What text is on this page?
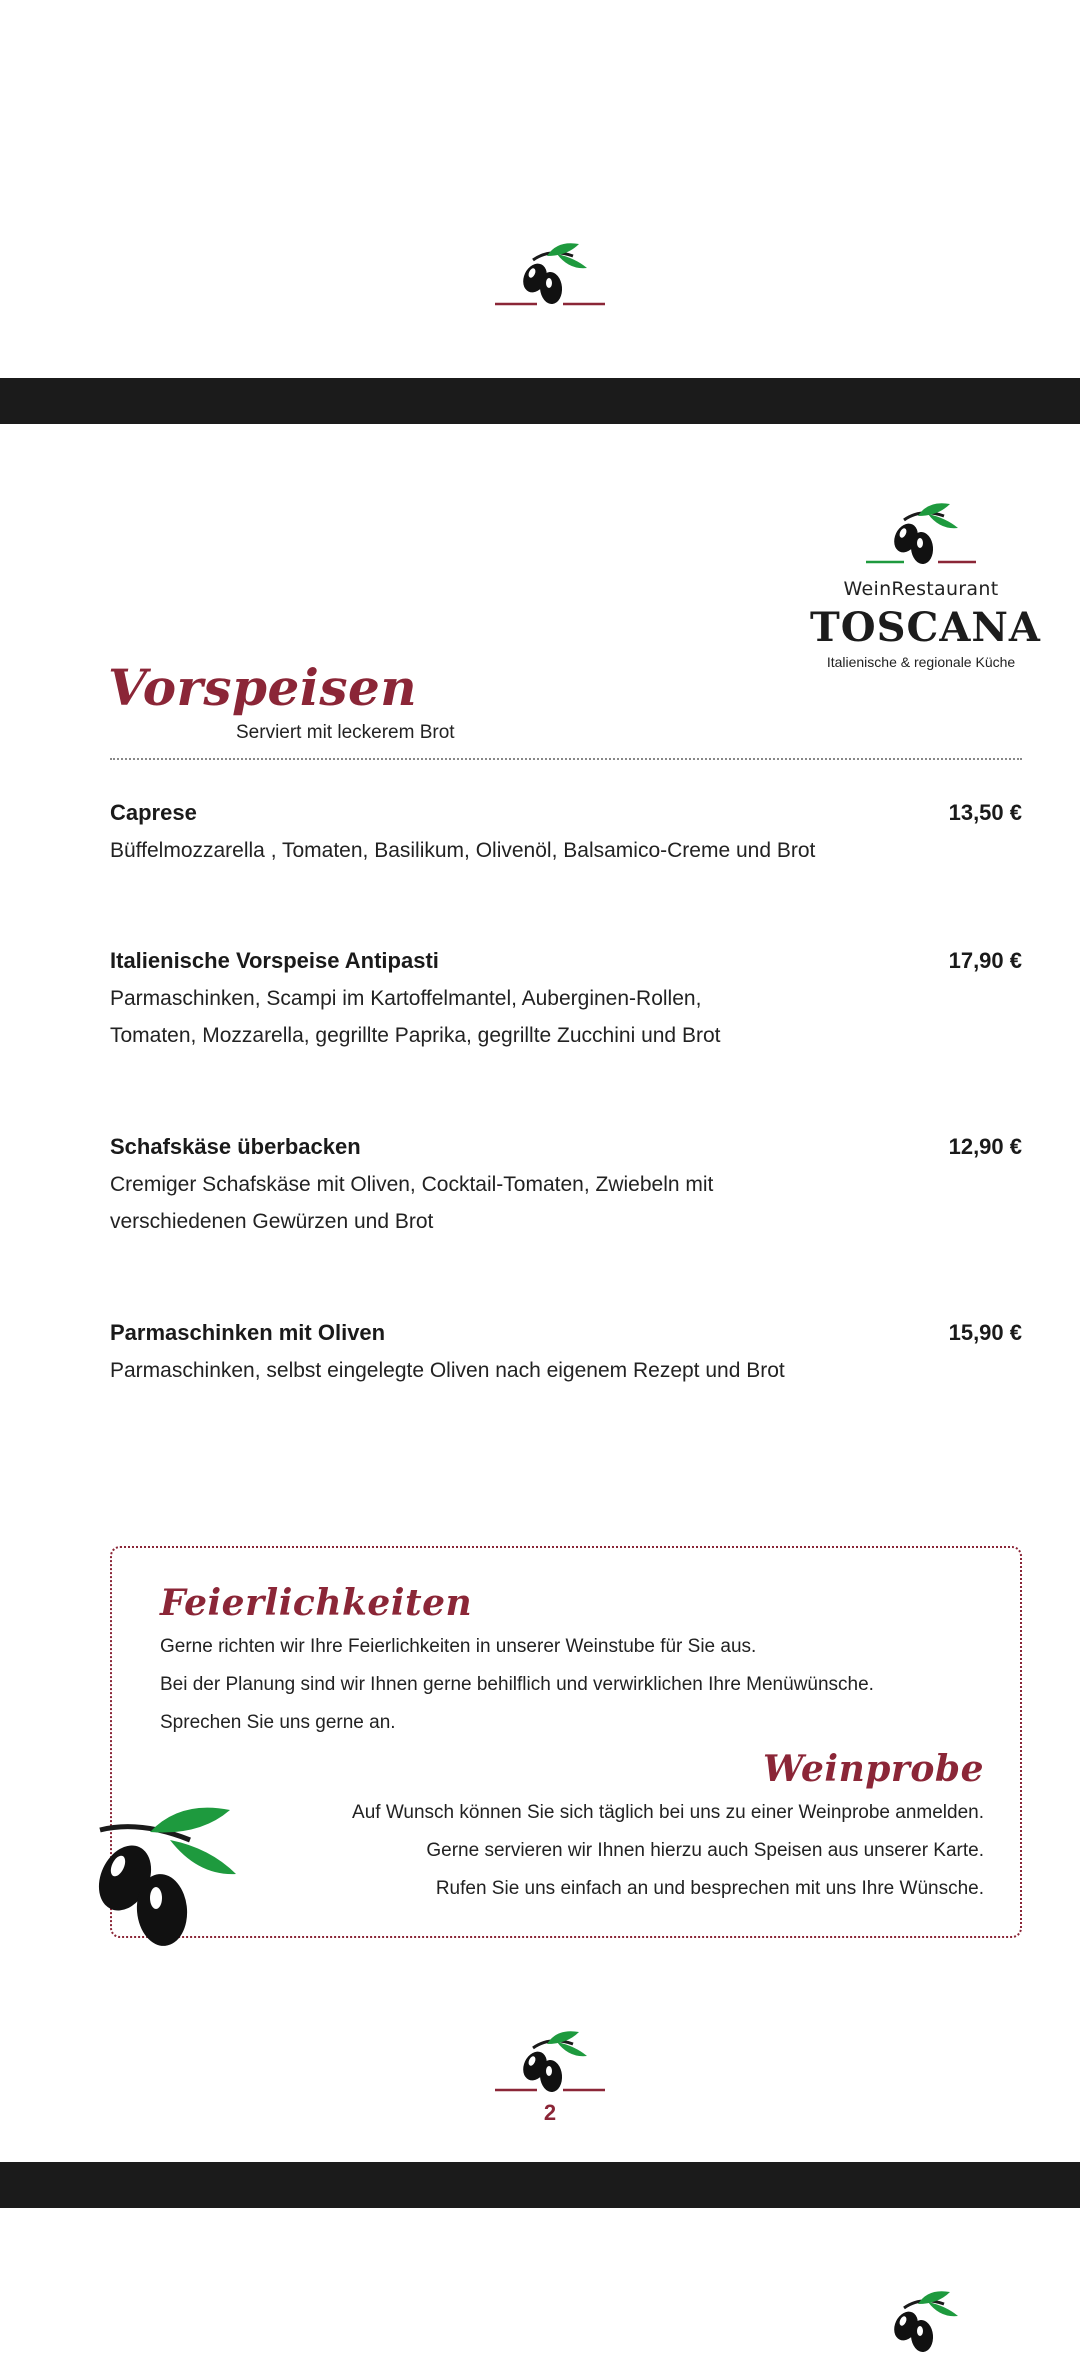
WeinRestaurant
TOSCANA
Italienische & regionale Küche
Vorspeisen
Serviert mit leckerem Brot
Caprese	13,50 €
Büffelmozzarella , Tomaten, Basilikum, Olivenöl, Balsamico-Creme und Brot
Italienische Vorspeise Antipasti	17,90 €
Parmaschinken, Scampi im Kartoffelmantel, Auberginen-Rollen, Tomaten, Mozzarella, gegrillte Paprika, gegrillte Zucchini und Brot
Schafskäse überbacken	12,90 €
Cremiger Schafskäse mit Oliven, Cocktail-Tomaten, Zwiebeln mit verschiedenen Gewürzen und Brot
Parmaschinken mit Oliven	15,90 €
Parmaschinken, selbst eingelegte Oliven nach eigenem Rezept und Brot
Feierlichkeiten
Gerne richten wir Ihre Feierlichkeiten in unserer Weinstube für Sie aus.
Bei der Planung sind wir Ihnen gerne behilflich und verwirklichen Ihre Menüwünsche.
Sprechen Sie uns gerne an.
Weinprobe
Auf Wunsch können Sie sich täglich bei uns zu einer Weinprobe anmelden.
Gerne servieren wir Ihnen hierzu auch Speisen aus unserer Karte.
Rufen Sie uns einfach an und besprechen mit uns Ihre Wünsche.
2
